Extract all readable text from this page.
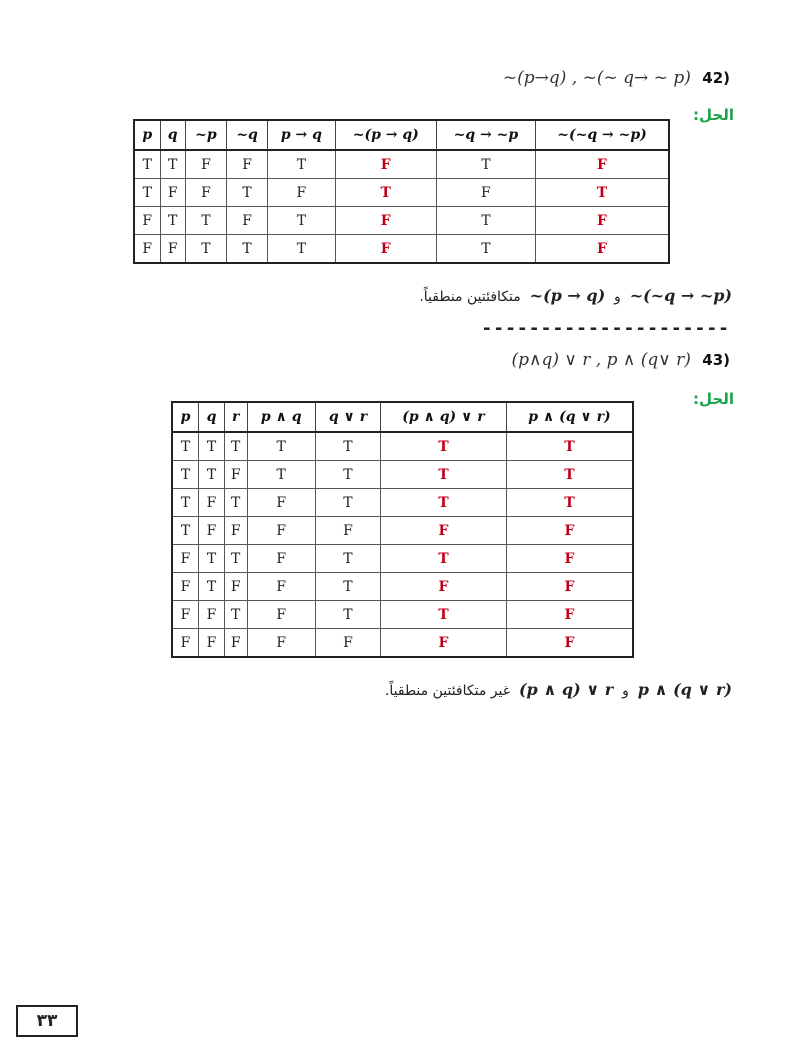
~(p→q) , ~(~ q→ ~ p) 42)
الحل:
p	q	~p	~q	p → q	~(p → q)	~q → ~p	~(~q → ~p)
T	T	F	F	T	F	T	F
T	F	F	T	F	T	F	T
F	T	T	F	T	F	T	F
F	F	T	T	T	F	T	F
~(~q → ~p)  و  ~(p → q)  متكافئتين منطقياً.
---------------------
(p∧q) ∨ r , p ∧ (q∨ r) 43)
الحل:
p	q	r	p ∧ q	q ∨ r	(p ∧ q) ∨ r	p ∧ (q ∨ r)
T	T	T	T	T	T	T
T	T	F	T	T	T	T
T	F	T	F	T	T	T
T	F	F	F	F	F	F
F	T	T	F	T	T	F
F	T	F	F	T	F	F
F	F	T	F	T	T	F
F	F	F	F	F	F	F
p ∧ (q ∨ r)  و  (p ∧ q) ∨ r  غير متكافئتين منطقياً.
٣٣
